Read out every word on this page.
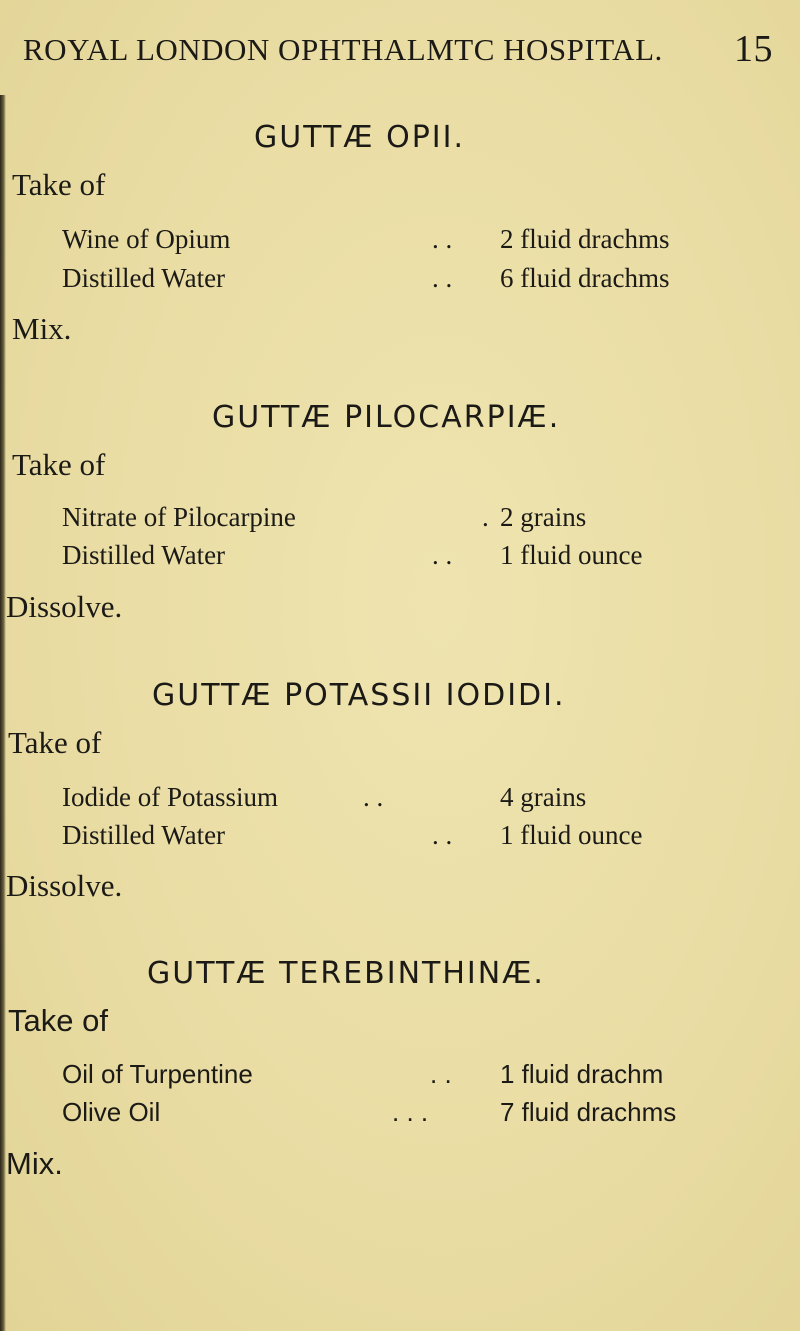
ROYAL LONDON OPHTHALMTC HOSPITAL. 15
GUTTÆ OPII.
Take of
Wine of Opium	. . 2 fluid drachms
Distilled Water	. . 6 fluid drachms
Mix.
GUTTÆ PILOCARPIÆ.
Take of
Nitrate of Pilocarpine	. 2 grains
Distilled Water	. . 1 fluid ounce
Dissolve.
GUTTÆ POTASSII IODIDI.
Take of
Iodide of Potassium	. .	4 grains
Distilled Water	. . 1 fluid ounce
Dissolve.
GUTTÆ TEREBINTHINÆ.
Take of
Oil of Turpentine	. . 1 fluid drachm
Olive Oil	. . .	7 fluid drachms
Mix.
